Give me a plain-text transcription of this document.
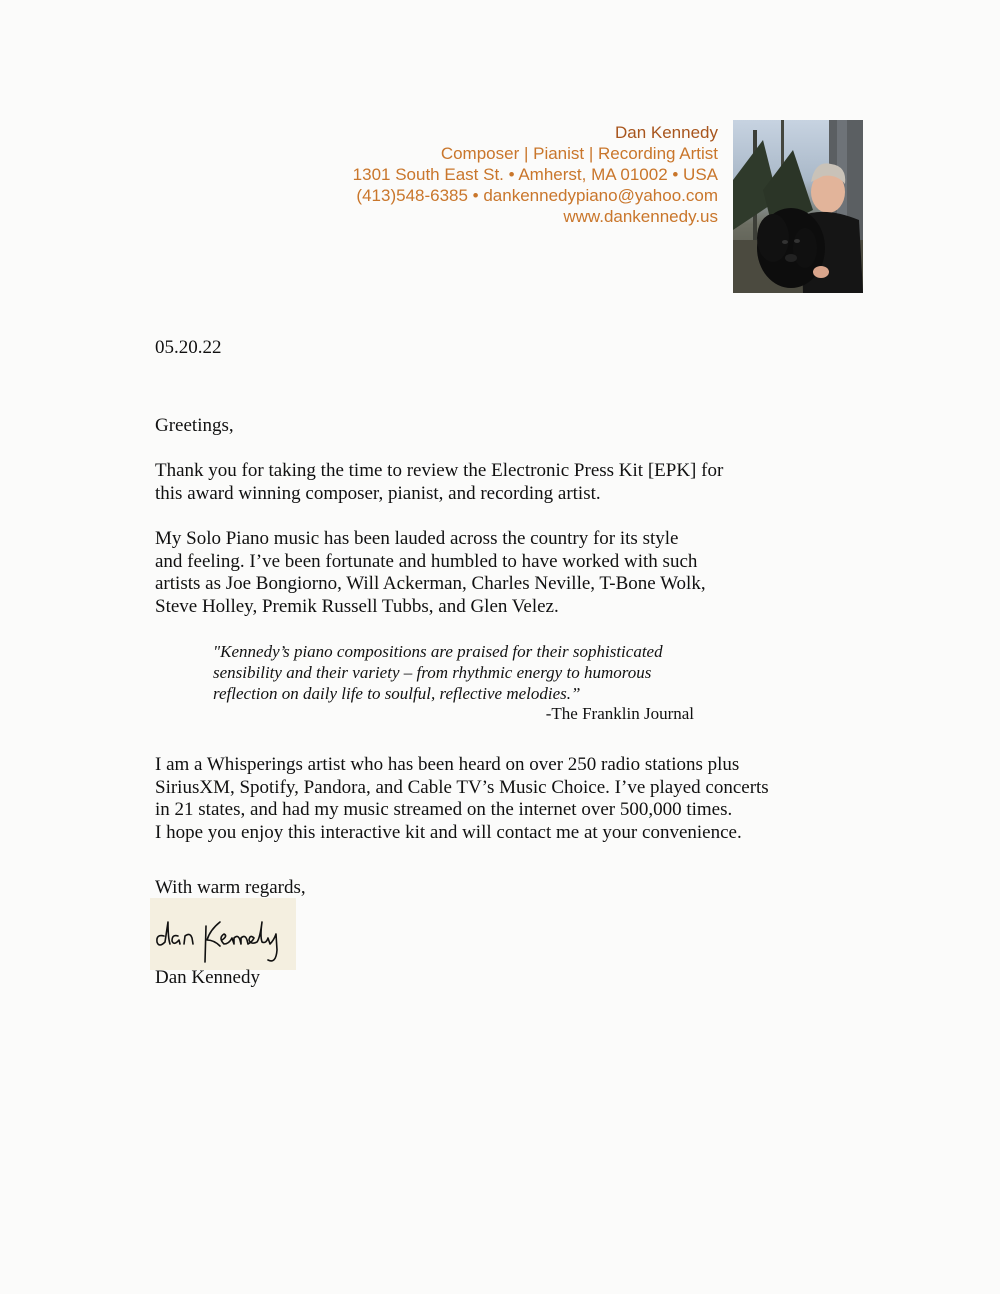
Dan Kennedy
Composer | Pianist | Recording Artist
1301 South East St. • Amherst, MA 01002 • USA
(413)548-6385 • dankennedypiano@yahoo.com
www.dankennedy.us
05.20.22
Greetings,
Thank you for taking the time to review the Electronic Press Kit [EPK] for
this award winning composer, pianist, and recording artist.
My Solo Piano music has been lauded across the country for its style
and feeling. I’ve been fortunate and humbled to have worked with such
artists as Joe Bongiorno, Will Ackerman, Charles Neville, T-Bone Wolk,
Steve Holley, Premik Russell Tubbs, and Glen Velez.
"Kennedy’s piano compositions are praised for their sophisticated
sensibility and their variety – from rhythmic energy to humorous
reflection on daily life to soulful, reflective melodies.”
-The Franklin Journal
I am a Whisperings artist who has been heard on over 250 radio stations plus
SiriusXM, Spotify, Pandora, and Cable TV’s Music Choice. I’ve played concerts
in 21 states, and had my music streamed on the internet over 500,000 times.
I hope you enjoy this interactive kit and will contact me at your convenience.
With warm regards,
Dan Kennedy
